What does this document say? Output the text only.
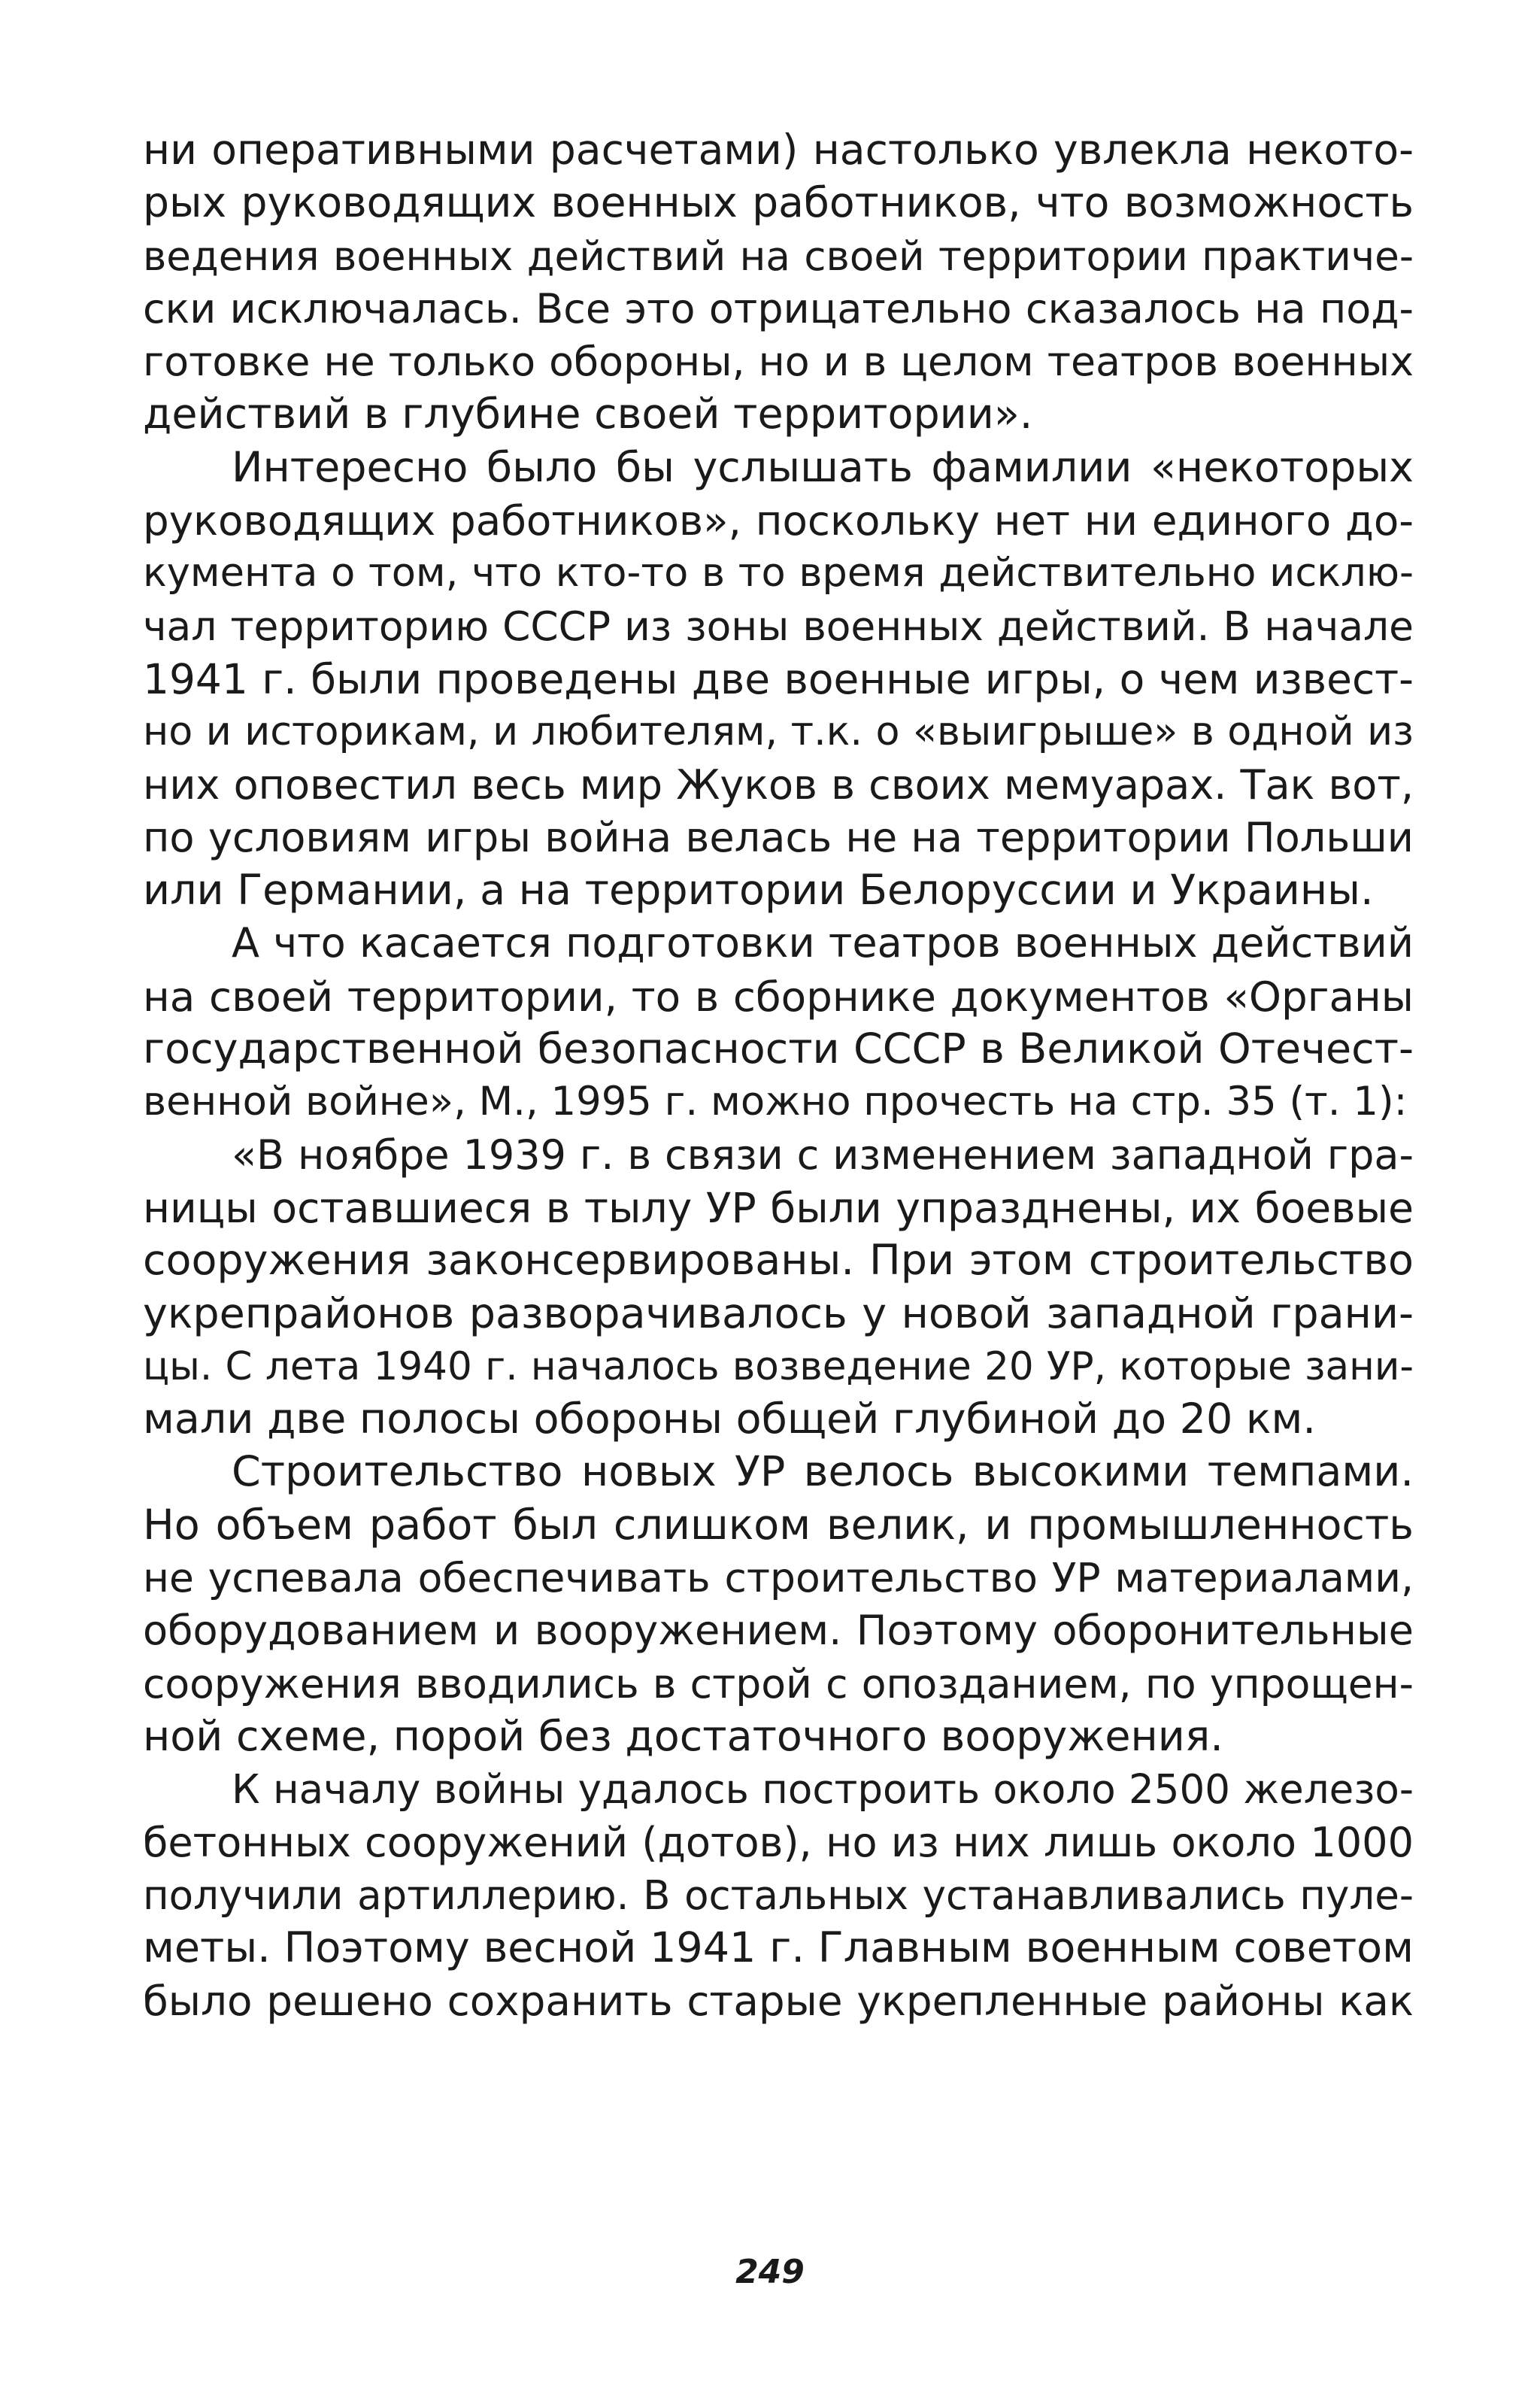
ни оперативными расчетами) настолько увлекла некото-
рых руководящих военных работников, что возможность
ведения военных действий на своей территории практиче-
ски исключалась. Все это отрицательно сказалось на под-
готовке не только обороны, но и в целом театров военных
действий в глубине своей территории».
Интересно было бы услышать фамилии «некоторых
руководящих работников», поскольку нет ни единого до-
кумента о том, что кто-то в то время действительно исклю-
чал территорию СССР из зоны военных действий. В начале
1941 г. были проведены две военные игры, о чем извест-
но и историкам, и любителям, т.к. о «выигрыше» в одной из
них оповестил весь мир Жуков в своих мемуарах. Так вот,
по условиям игры война велась не на территории Польши
или Германии, а на территории Белоруссии и Украины.
А что касается подготовки театров военных действий
на своей территории, то в сборнике документов «Органы
государственной безопасности СССР в Великой Отечест-
венной войне», М., 1995 г. можно прочесть на стр. 35 (т. 1):
«В ноябре 1939 г. в связи с изменением западной гра-
ницы оставшиеся в тылу УР были упразднены, их боевые
сооружения законсервированы. При этом строительство
укрепрайонов разворачивалось у новой западной грани-
цы. С лета 1940 г. началось возведение 20 УР, которые зани-
мали две полосы обороны общей глубиной до 20 км.
Строительство новых УР велось высокими темпами.
Но объем работ был слишком велик, и промышленность
не успевала обеспечивать строительство УР материалами,
оборудованием и вооружением. Поэтому оборонительные
сооружения вводились в строй с опозданием, по упрощен-
ной схеме, порой без достаточного вооружения.
К началу войны удалось построить около 2500 железо-
бетонных сооружений (дотов), но из них лишь около 1000
получили артиллерию. В остальных устанавливались пуле-
меты. Поэтому весной 1941 г. Главным военным советом
было решено сохранить старые укрепленные районы как
249
